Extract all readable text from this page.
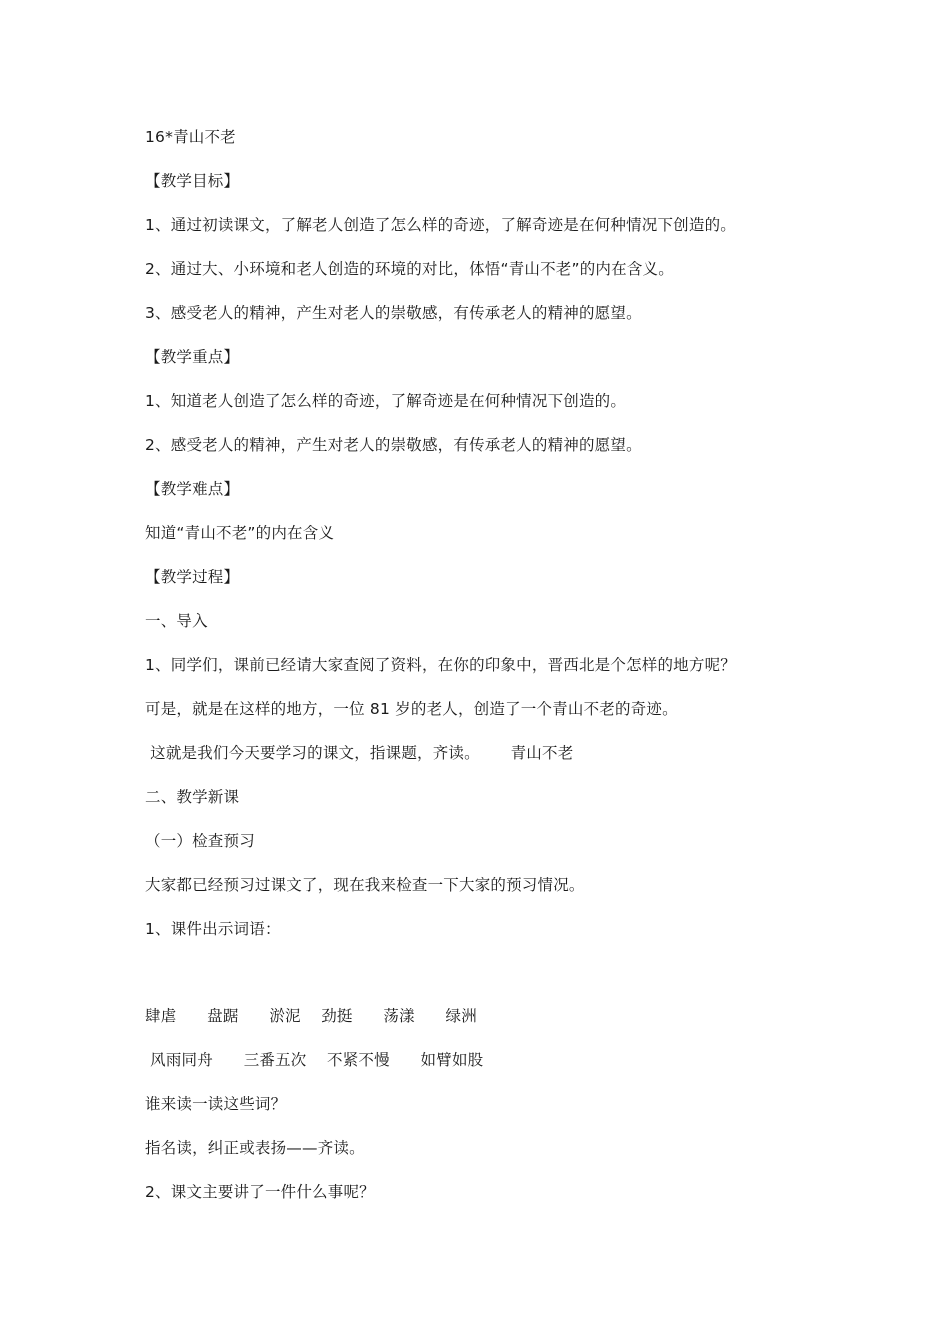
16*青山不老
【教学目标】
1、通过初读课文，了解老人创造了怎么样的奇迹，了解奇迹是在何种情况下创造的。
2、通过大、小环境和老人创造的环境的对比，体悟“青山不老”的内在含义。
3、感受老人的精神，产生对老人的崇敬感，有传承老人的精神的愿望。
【教学重点】
1、知道老人创造了怎么样的奇迹，了解奇迹是在何种情况下创造的。
2、感受老人的精神，产生对老人的崇敬感，有传承老人的精神的愿望。
【教学难点】
知道“青山不老”的内在含义
【教学过程】
一、导入
1、同学们，课前已经请大家查阅了资料，在你的印象中，晋西北是个怎样的地方呢？
可是，就是在这样的地方，一位 81 岁的老人，创造了一个青山不老的奇迹。
这就是我们今天要学习的课文，指课题，齐读。      青山不老
二、教学新课
（一）检查预习
大家都已经预习过课文了，现在我来检查一下大家的预习情况。
1、课件出示词语：
肆虐      盘踞      淤泥    劲挺      荡漾      绿洲
风雨同舟      三番五次    不紧不慢      如臂如股
谁来读一读这些词？
指名读，纠正或表扬——齐读。
2、课文主要讲了一件什么事呢？
